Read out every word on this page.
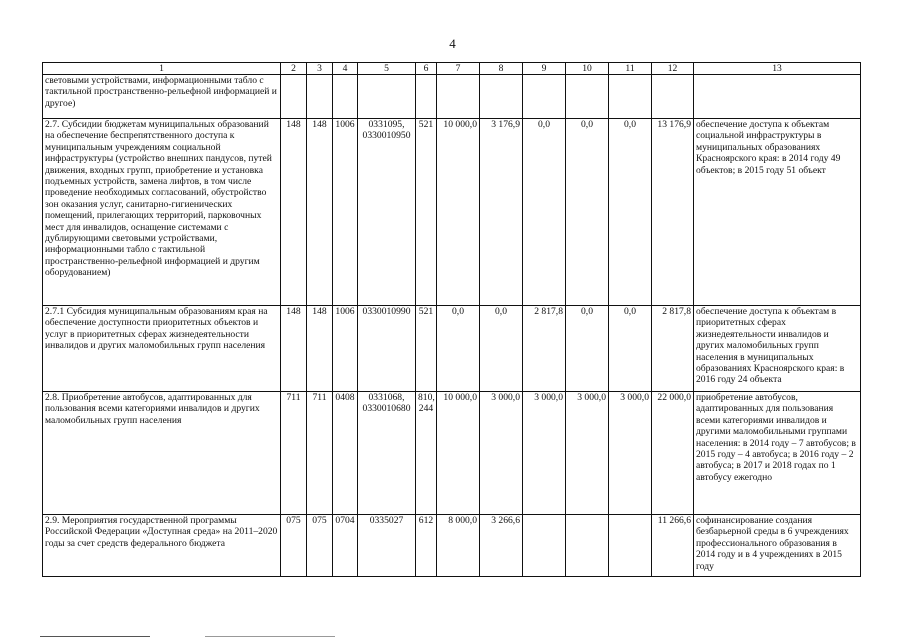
4
1	2	3	4	5	6	7	8	9	10	11	12	13
световыми устройствами, информационными табло с тактильной пространственно-рельефной информацией и другое)												
2.7. Субсидии бюджетам муниципальных образований на обеспечение беспрепятственного доступа к муниципальным учреждениям социальной инфраструктуры (устройство внешних пандусов, путей движения, входных групп, приобретение и установка подъемных устройств, замена лифтов, в том числе проведение необходимых согласований, обустройство зон оказания услуг, санитарно-гигиенических помещений, прилегающих территорий, парковочных мест для инвалидов, оснащение системами с дублирующими световыми устройствами, информационными табло с тактильной пространственно-рельефной информацией и другим оборудованием)	148	148	1006	0331095, 0330010950	521	10 000,0	3 176,9	0,0	0,0	0,0	13 176,9	обеспечение доступа к объектам социальной инфраструктуры в муниципальных образованиях Красноярского края: в 2014 году 49 объектов; в 2015 году 51 объект
2.7.1 Субсидия муниципальным образованиям края на обеспечение доступности приоритетных объектов и услуг в приоритетных сферах жизнедеятельности инвалидов и других маломобильных групп населения	148	148	1006	0330010990	521	0,0	0,0	2 817,8	0,0	0,0	2 817,8	обеспечение доступа к объектам в приоритетных сферах жизнедеятельности инвалидов и других маломобильных групп населения в муниципальных образованиях Красноярского края: в 2016 году 24 объекта
2.8. Приобретение автобусов, адаптированных для пользования всеми категориями инвалидов и других маломобильных групп населения	711	711	0408	0331068, 0330010680	810, 244	10 000,0	3 000,0	3 000,0	3 000,0	3 000,0	22 000,0	приобретение автобусов, адаптированных для пользования всеми категориями инвалидов и другими маломобильными группами населения: в 2014 году – 7 автобусов; в 2015 году – 4 автобуса; в 2016 году – 2 автобуса; в 2017 и 2018 годах по 1 автобусу ежегодно
2.9. Мероприятия государственной программы Российской Федерации «Доступная среда» на 2011–2020 годы за счет средств федерального бюджета	075	075	0704	0335027	612	8 000,0	3 266,6				11 266,6	софинансирование создания безбарьерной среды в 6 учреждениях профессионального образования в 2014 году и в 4 учреждениях в 2015 году
